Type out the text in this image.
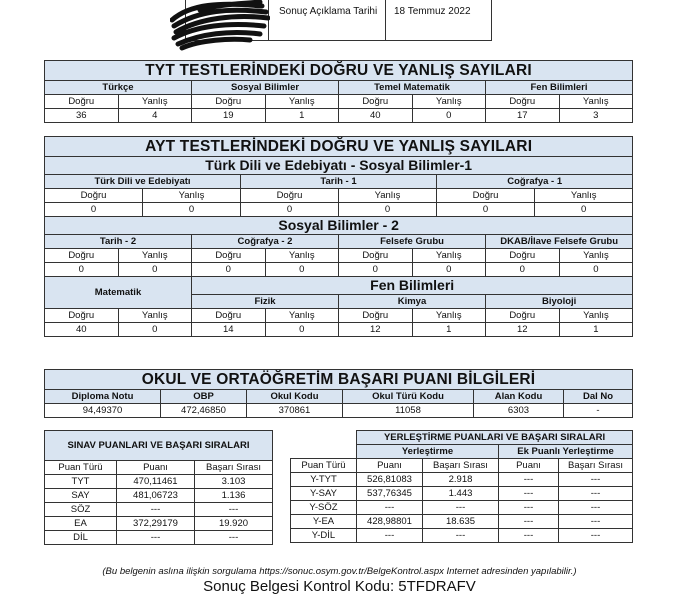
Sonuç Açıklama Tarihi 18 Temmuz 2022
TYT TESTLERİNDEKİ DOĞRU VE YANLIŞ SAYILARI							
Türkçe		Sosyal Bilimler		Temel Matematik		Fen Bilimleri	
Doğru	Yanlış	Doğru	Yanlış	Doğru	Yanlış	Doğru	Yanlış
36	4	19	1	40	0	17	3
AYT TESTLERİNDEKİ DOĞRU VE YANLIŞ SAYILARI											
Türk Dili ve Edebiyatı - Sosyal Bilimler-1											
Türk Dili ve Edebiyatı				Tarih - 1				Coğrafya - 1			
Doğru		Yanlış		Doğru		Yanlış		Doğru		Yanlış	
0		0		0		0		0		0	
Sosyal Bilimler - 2											
Tarih - 2			Coğrafya - 2			Felsefe Grubu			DKAB/İlave Felsefe Grubu		
Doğru	Yanlış		Doğru		Yanlış	Doğru	Yanlış		Doğru		Yanlış
0	0		0		0	0	0		0		0
Matematik			Fen Bilimleri								
			Fizik			Kimya			Biyoloji		
Doğru	Yanlış		Doğru		Yanlış	Doğru	Yanlış		Doğru		Yanlış
40	0		14		0	12	1		12		1
OKUL VE ORTAÖĞRETİM BAŞARI PUANI BİLGİLERİ					
Diploma Notu	OBP	Okul Kodu	Okul Türü Kodu	Alan Kodu	Dal No
94,49370	472,46850	370861	11058	6303	-
SINAV PUANLARI VE BAŞARI SIRALARI		
Puan Türü	Puanı	Başarı Sırası
TYT	470,11461	3.103
SAY	481,06723	1.136
SÖZ	---	---
EA	372,29179	19.920
DİL	---	---
	YERLEŞTİRME PUANLARI VE BAŞARI SIRALARI			
	Yerleştirme		Ek Puanlı Yerleştirme	
Puan Türü	Puanı	Başarı Sırası	Puanı	Başarı Sırası
Y-TYT	526,81083	2.918	---	---
Y-SAY	537,76345	1.443	---	---
Y-SÖZ	---	---	---	---
Y-EA	428,98801	18.635	---	---
Y-DİL	---	---	---	---
(Bu belgenin aslına ilişkin sorgulama https://sonuc.osym.gov.tr/BelgeKontrol.aspx Internet adresinden yapılabilir.)
Sonuç Belgesi Kontrol Kodu: 5TFDRAFV
